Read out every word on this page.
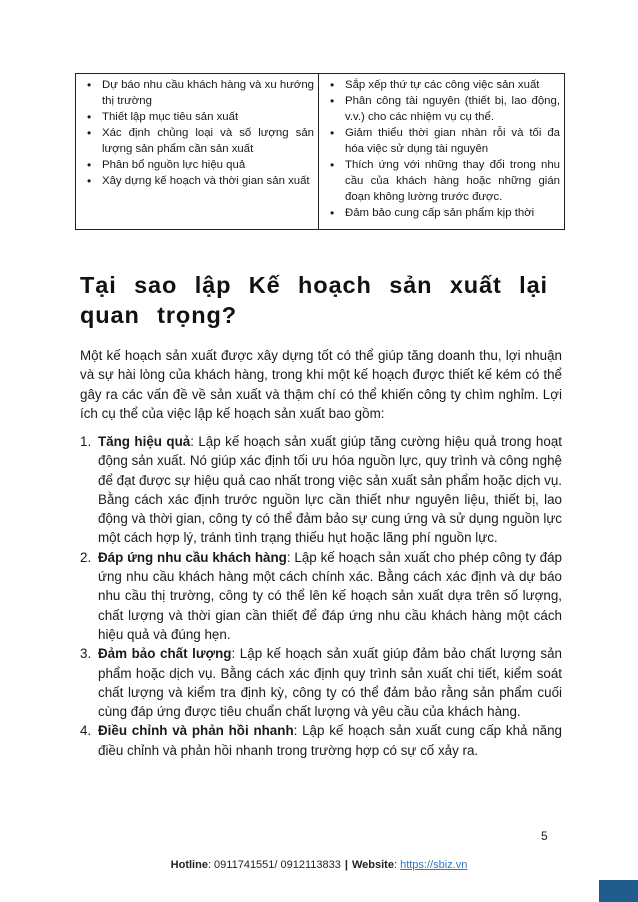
• Dự báo nhu cầu khách hàng và xu hướng thị trường
• Thiết lập mục tiêu sản xuất
• Xác định chủng loại và số lượng sản lượng sản phẩm cần sản xuất
• Phân bổ nguồn lực hiệu quả
• Xây dựng kế hoạch và thời gian sản xuất
• Sắp xếp thứ tự các công việc sản xuất
• Phân công tài nguyên (thiết bị, lao động, v.v.) cho các nhiệm vụ cụ thể.
• Giảm thiểu thời gian nhàn rỗi và tối đa hóa việc sử dụng tài nguyên
• Thích ứng với những thay đổi trong nhu cầu của khách hàng hoặc những gián đoạn không lường trước được.
• Đảm bảo cung cấp sản phẩm kịp thời
Tại sao lập Kế hoạch sản xuất lại quan trọng?

Một kế hoạch sản xuất được xây dựng tốt có thể giúp tăng doanh thu, lợi nhuận và sự hài lòng của khách hàng, trong khi một kế hoạch được thiết kế kém có thể gây ra các vấn đề về sản xuất và thậm chí có thể khiến công ty chìm nghỉm. Lợi ích cụ thể của việc lập kế hoạch sản xuất bao gồm:

1. Tăng hiệu quả: Lập kế hoạch sản xuất giúp tăng cường hiệu quả trong hoạt động sản xuất. Nó giúp xác định tối ưu hóa nguồn lực, quy trình và công nghệ để đạt được sự hiệu quả cao nhất trong việc sản xuất sản phẩm hoặc dịch vụ. Bằng cách xác định trước nguồn lực cần thiết như nguyên liệu, thiết bị, lao động và thời gian, công ty có thể đảm bảo sự cung ứng và sử dụng nguồn lực một cách hợp lý, tránh tình trạng thiếu hụt hoặc lãng phí nguồn lực.
2. Đáp ứng nhu cầu khách hàng: Lập kế hoạch sản xuất cho phép công ty đáp ứng nhu cầu khách hàng một cách chính xác. Bằng cách xác định và dự báo nhu cầu thị trường, công ty có thể lên kế hoạch sản xuất dựa trên số lượng, chất lượng và thời gian cần thiết để đáp ứng nhu cầu khách hàng một cách hiệu quả và đúng hẹn.
3. Đảm bảo chất lượng: Lập kế hoạch sản xuất giúp đảm bảo chất lượng sản phẩm hoặc dịch vụ. Bằng cách xác định quy trình sản xuất chi tiết, kiểm soát chất lượng và kiểm tra định kỳ, công ty có thể đảm bảo rằng sản phẩm cuối cùng đáp ứng được tiêu chuẩn chất lượng và yêu cầu của khách hàng.
4. Điều chỉnh và phản hồi nhanh: Lập kế hoạch sản xuất cung cấp khả năng điều chỉnh và phản hồi nhanh trong trường hợp có sự cố xảy ra.
5
Hotline: 0911741551/ 0912113833 | Website: https://sbiz.vn
